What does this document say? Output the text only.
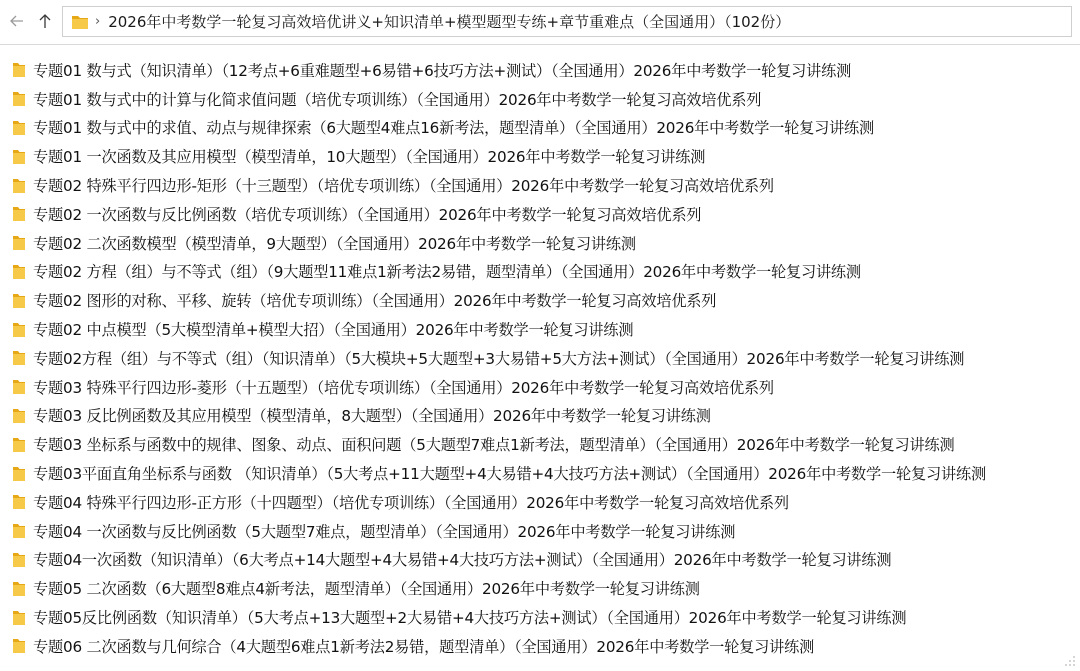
› 2026年中考数学一轮复习高效培优讲义+知识清单+模型题型专练+章节重难点（全国通用）（102份）
专题01 数与式（知识清单）（12考点+6重难题型+6易错+6技巧方法+测试）（全国通用）2026年中考数学一轮复习讲练测
专题01 数与式中的计算与化简求值问题（培优专项训练）（全国通用）2026年中考数学一轮复习高效培优系列
专题01 数与式中的求值、动点与规律探索（6大题型4难点16新考法，题型清单）（全国通用）2026年中考数学一轮复习讲练测
专题01 一次函数及其应用模型（模型清单，10大题型）（全国通用）2026年中考数学一轮复习讲练测
专题02 特殊平行四边形-矩形（十三题型）（培优专项训练）（全国通用）2026年中考数学一轮复习高效培优系列
专题02 一次函数与反比例函数（培优专项训练）（全国通用）2026年中考数学一轮复习高效培优系列
专题02 二次函数模型（模型清单，9大题型）（全国通用）2026年中考数学一轮复习讲练测
专题02 方程（组）与不等式（组）（9大题型11难点1新考法2易错，题型清单）（全国通用）2026年中考数学一轮复习讲练测
专题02 图形的对称、平移、旋转（培优专项训练）（全国通用）2026年中考数学一轮复习高效培优系列
专题02 中点模型（5大模型清单+模型大招）（全国通用）2026年中考数学一轮复习讲练测
专题02方程（组）与不等式（组）（知识清单）（5大模块+5大题型+3大易错+5大方法+测试）（全国通用）2026年中考数学一轮复习讲练测
专题03 特殊平行四边形-菱形（十五题型）（培优专项训练）（全国通用）2026年中考数学一轮复习高效培优系列
专题03 反比例函数及其应用模型（模型清单，8大题型）（全国通用）2026年中考数学一轮复习讲练测
专题03 坐标系与函数中的规律、图象、动点、面积问题（5大题型7难点1新考法，题型清单）（全国通用）2026年中考数学一轮复习讲练测
专题03平面直角坐标系与函数 （知识清单）（5大考点+11大题型+4大易错+4大技巧方法+测试）（全国通用）2026年中考数学一轮复习讲练测
专题04 特殊平行四边形-正方形（十四题型）（培优专项训练）（全国通用）2026年中考数学一轮复习高效培优系列
专题04 一次函数与反比例函数（5大题型7难点，题型清单）（全国通用）2026年中考数学一轮复习讲练测
专题04一次函数（知识清单）（6大考点+14大题型+4大易错+4大技巧方法+测试）（全国通用）2026年中考数学一轮复习讲练测
专题05 二次函数（6大题型8难点4新考法，题型清单）（全国通用）2026年中考数学一轮复习讲练测
专题05反比例函数（知识清单）（5大考点+13大题型+2大易错+4大技巧方法+测试）（全国通用）2026年中考数学一轮复习讲练测
专题06 二次函数与几何综合（4大题型6难点1新考法2易错，题型清单）（全国通用）2026年中考数学一轮复习讲练测
